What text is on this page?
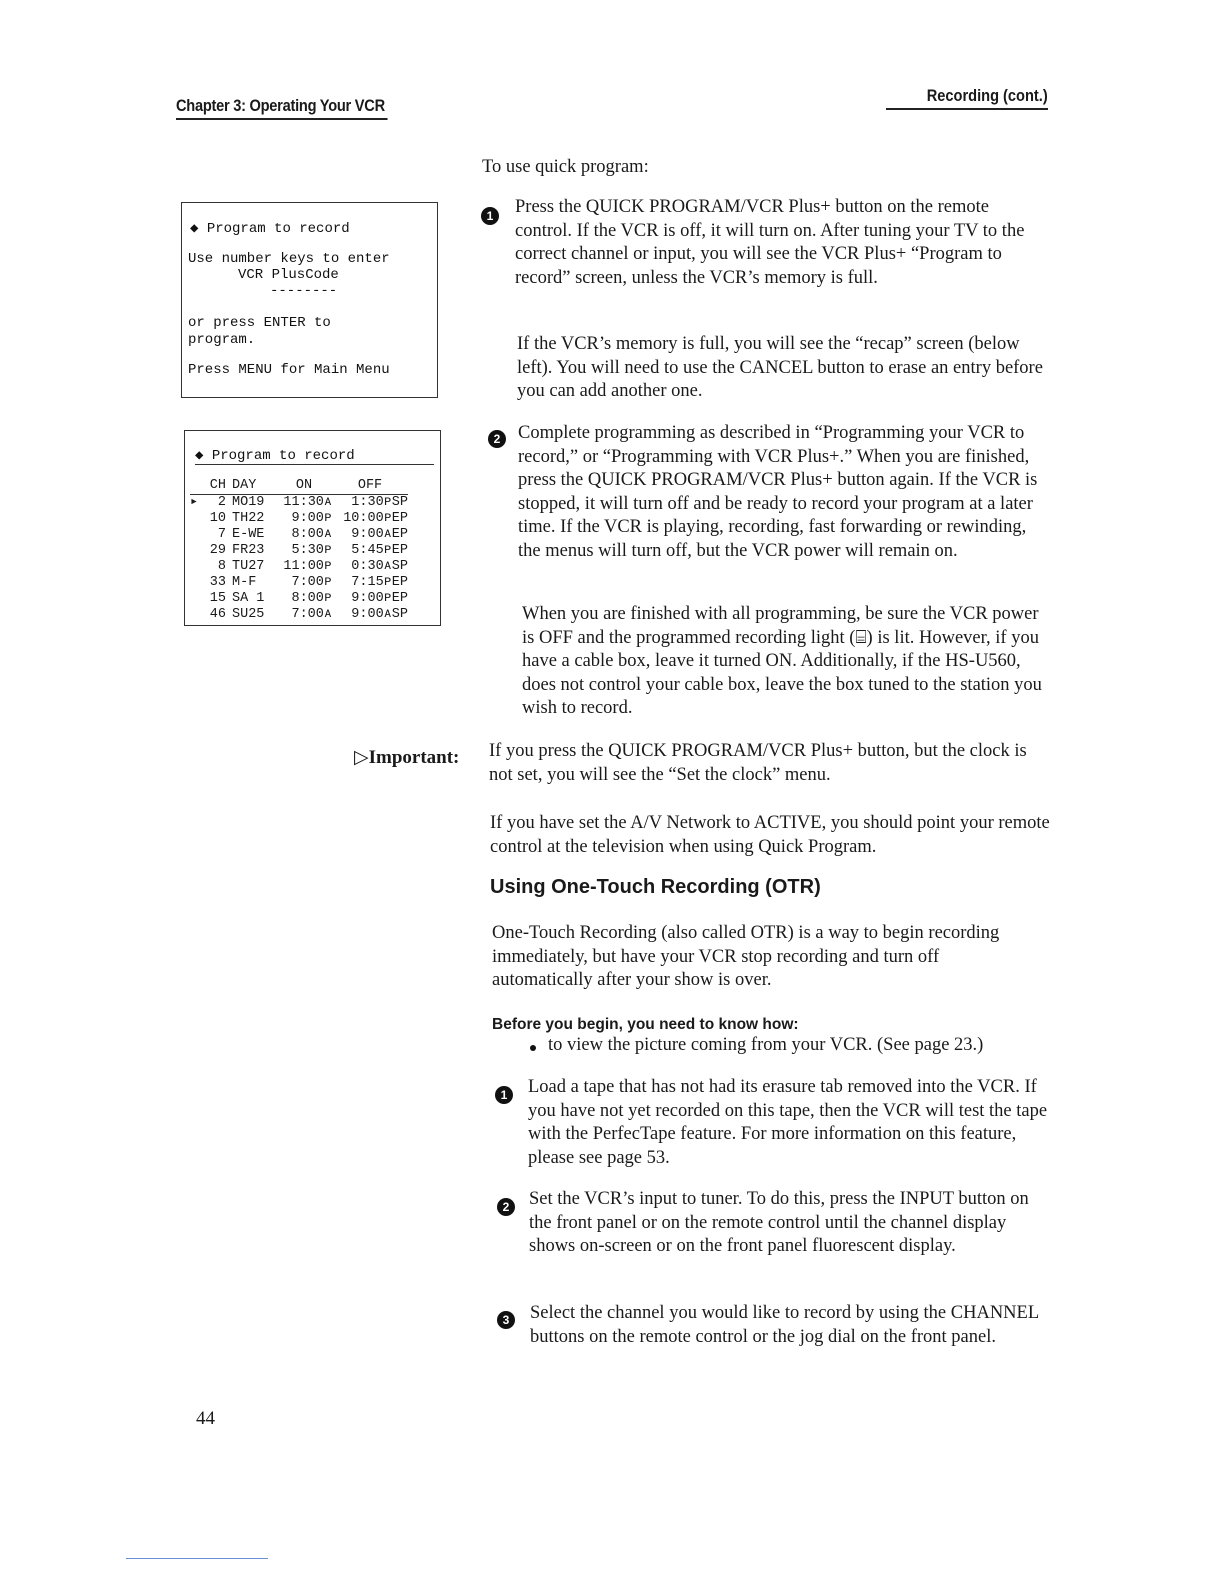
Chapter 3: Operating Your VCR
Recording (cont.)
To use quick program:
◆ Program to record
Use number keys to enter
VCR PlusCode
--------
or press ENTER to
program.
Press MENU for Main Menu
◆ Program to record
	CH	DAY	ON	OFF
▸	2	MO19	11:30ᴀ	1:30ᴘSP
	10	TH22	9:00ᴘ	10:00ᴘEP
	7	E-WE	8:00ᴀ	9:00ᴀEP
	29	FR23	5:30ᴘ	5:45ᴘEP
	8	TU27	11:00ᴘ	0:30ᴀSP
	33	M-F	7:00ᴘ	7:15ᴘEP
	15	SA 1	8:00ᴘ	9:00ᴘEP
	46	SU25	7:00ᴀ	9:00ᴀSP
1	Press the QUICK PROGRAM/VCR Plus+ button on the remote control. If the VCR is off, it will turn on. After tuning your TV to the correct channel or input, you will see the VCR Plus+ “Program to record” screen, unless the VCR’s memory is full.
If the VCR’s memory is full, you will see the “recap” screen (below left). You will need to use the CANCEL button to erase an entry before you can add another one.
2 Complete programming as described in “Programming your VCR to record,” or “Programming with VCR Plus+.” When you are finished, press the QUICK PROGRAM/VCR Plus+ button again. If the VCR is stopped, it will turn off and be ready to record your program at a later time. If the VCR is playing, recording, fast forwarding or rewinding, the menus will turn off, but the VCR power will remain on.
When you are finished with all programming, be sure the VCR power is OFF and the programmed recording light (⌸) is lit. However, if you have a cable box, leave it turned ON. Additionally, if the HS-U560, does not control your cable box, leave the box tuned to the station you wish to record.
▷Important: If you press the QUICK PROGRAM/VCR Plus+ button, but the clock is not set, you will see the “Set the clock” menu.
If you have set the A/V Network to ACTIVE, you should point your remote control at the television when using Quick Program.
Using One-Touch Recording (OTR)
One-Touch Recording (also called OTR) is a way to begin recording immediately, but have your VCR stop recording and turn off automatically after your show is over.
Before you begin, you need to know how:
to view the picture coming from your VCR. (See page 23.)
1	Load a tape that has not had its erasure tab removed into the VCR. If you have not yet recorded on this tape, then the VCR will test the tape with the PerfecTape feature. For more information on this feature, please see page 53.
2	Set the VCR’s input to tuner. To do this, press the INPUT button on the front panel or on the remote control until the channel display shows on-screen or on the front panel fluorescent display.
3	Select the channel you would like to record by using the CHANNEL buttons on the remote control or the jog dial on the front panel.
44
